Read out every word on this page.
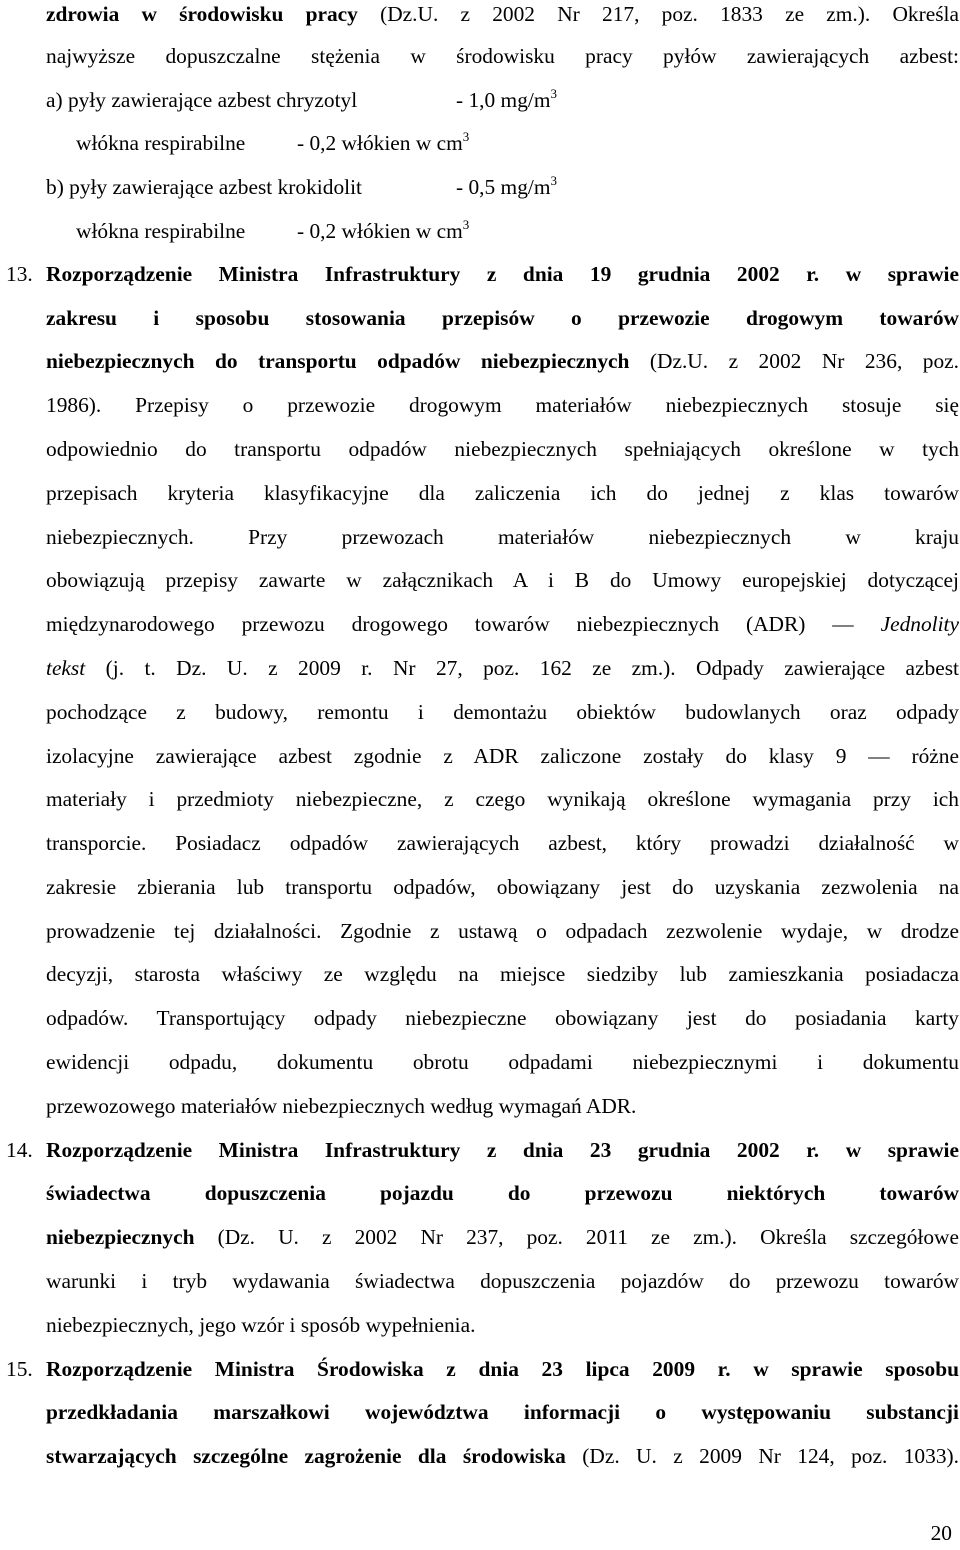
zdrowia w środowisku pracy (Dz.U. z 2002 Nr 217, poz. 1833 ze zm.). Określa
najwyższe dopuszczalne stężenia w środowisku pracy pyłów zawierających azbest:
a) pyły zawierające azbest chryzotyl	- 1,0 $mg/m^3$
włókna respirabilne - 0,2 włókien w $cm^3$
b) pyły zawierające azbest krokidolit	- 0,5 $mg/m^3$
włókna respirabilne - 0,2 włókien w $cm^3$
13. Rozporządzenie Ministra Infrastruktury z dnia 19 grudnia 2002 r. w sprawie
zakresu i sposobu stosowania przepisów o przewozie drogowym towarów
niebezpiecznych do transportu odpadów niebezpiecznych (Dz.U. z 2002 Nr 236, poz.
1986). Przepisy o przewozie drogowym materiałów niebezpiecznych stosuje się
odpowiednio do transportu odpadów niebezpiecznych spełniających określone w tych
przepisach kryteria klasyfikacyjne dla zaliczenia ich do jednej z klas towarów
niebezpiecznych. Przy przewozach materiałów niebezpiecznych w kraju
obowiązują przepisy zawarte w załącznikach A i B do Umowy europejskiej dotyczącej
międzynarodowego przewozu drogowego towarów niebezpiecznych (ADR) — Jednolity
tekst (j. t. Dz. U. z 2009 r. Nr 27, poz. 162 ze zm.). Odpady zawierające azbest
pochodzące z budowy, remontu i demontażu obiektów budowlanych oraz odpady
izolacyjne zawierające azbest zgodnie z ADR zaliczone zostały do klasy 9 — różne
materiały i przedmioty niebezpieczne, z czego wynikają określone wymagania przy ich
transporcie. Posiadacz odpadów zawierających azbest, który prowadzi działalność w
zakresie zbierania lub transportu odpadów, obowiązany jest do uzyskania zezwolenia na
prowadzenie tej działalności. Zgodnie z ustawą o odpadach zezwolenie wydaje, w drodze
decyzji, starosta właściwy ze względu na miejsce siedziby lub zamieszkania posiadacza
odpadów. Transportujący odpady niebezpieczne obowiązany jest do posiadania karty
ewidencji odpadu, dokumentu obrotu odpadami niebezpiecznymi i dokumentu
przewozowego materiałów niebezpiecznych według wymagań ADR.
14. Rozporządzenie Ministra Infrastruktury z dnia 23 grudnia 2002 r. w sprawie
świadectwa dopuszczenia pojazdu do przewozu niektórych towarów
niebezpiecznych (Dz. U. z 2002 Nr 237, poz. 2011 ze zm.). Określa szczegółowe
warunki i tryb wydawania świadectwa dopuszczenia pojazdów do przewozu towarów
niebezpiecznych, jego wzór i sposób wypełnienia.
15. Rozporządzenie Ministra Środowiska z dnia 23 lipca 2009 r. w sprawie sposobu
przedkładania marszałkowi województwa informacji o występowaniu substancji
stwarzających szczególne zagrożenie dla środowiska (Dz. U. z 2009 Nr 124, poz. 1033).
20
